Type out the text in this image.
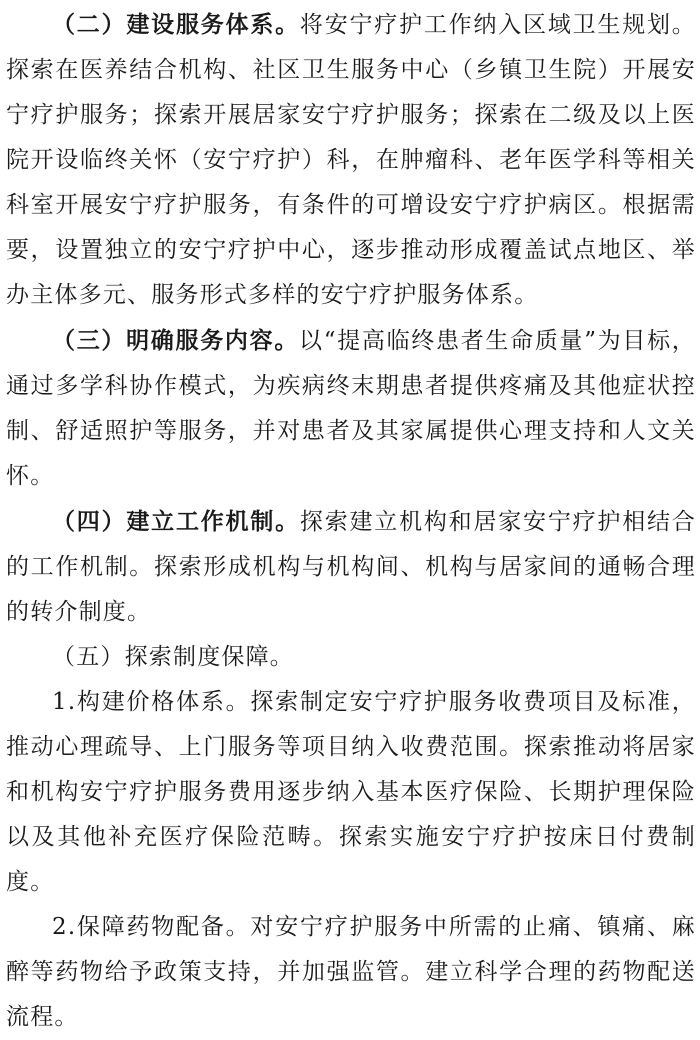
（二）建设服务体系。将安宁疗护工作纳入区域卫生规划。探索在医养结合机构、社区卫生服务中心（乡镇卫生院）开展安宁疗护服务；探索开展居家安宁疗护服务；探索在二级及以上医院开设临终关怀（安宁疗护）科，在肿瘤科、老年医学科等相关科室开展安宁疗护服务，有条件的可增设安宁疗护病区。根据需要，设置独立的安宁疗护中心，逐步推动形成覆盖试点地区、举办主体多元、服务形式多样的安宁疗护服务体系。

（三）明确服务内容。以“提高临终患者生命质量”为目标，通过多学科协作模式，为疾病终末期患者提供疼痛及其他症状控制、舒适照护等服务，并对患者及其家属提供心理支持和人文关怀。

（四）建立工作机制。探索建立机构和居家安宁疗护相结合的工作机制。探索形成机构与机构间、机构与居家间的通畅合理的转介制度。

（五）探索制度保障。

1.构建价格体系。探索制定安宁疗护服务收费项目及标准，推动心理疏导、上门服务等项目纳入收费范围。探索推动将居家和机构安宁疗护服务费用逐步纳入基本医疗保险、长期护理保险以及其他补充医疗保险范畴。探索实施安宁疗护按床日付费制度。

2.保障药物配备。对安宁疗护服务中所需的止痛、镇痛、麻醉等药物给予政策支持，并加强监管。建立科学合理的药物配送流程。
